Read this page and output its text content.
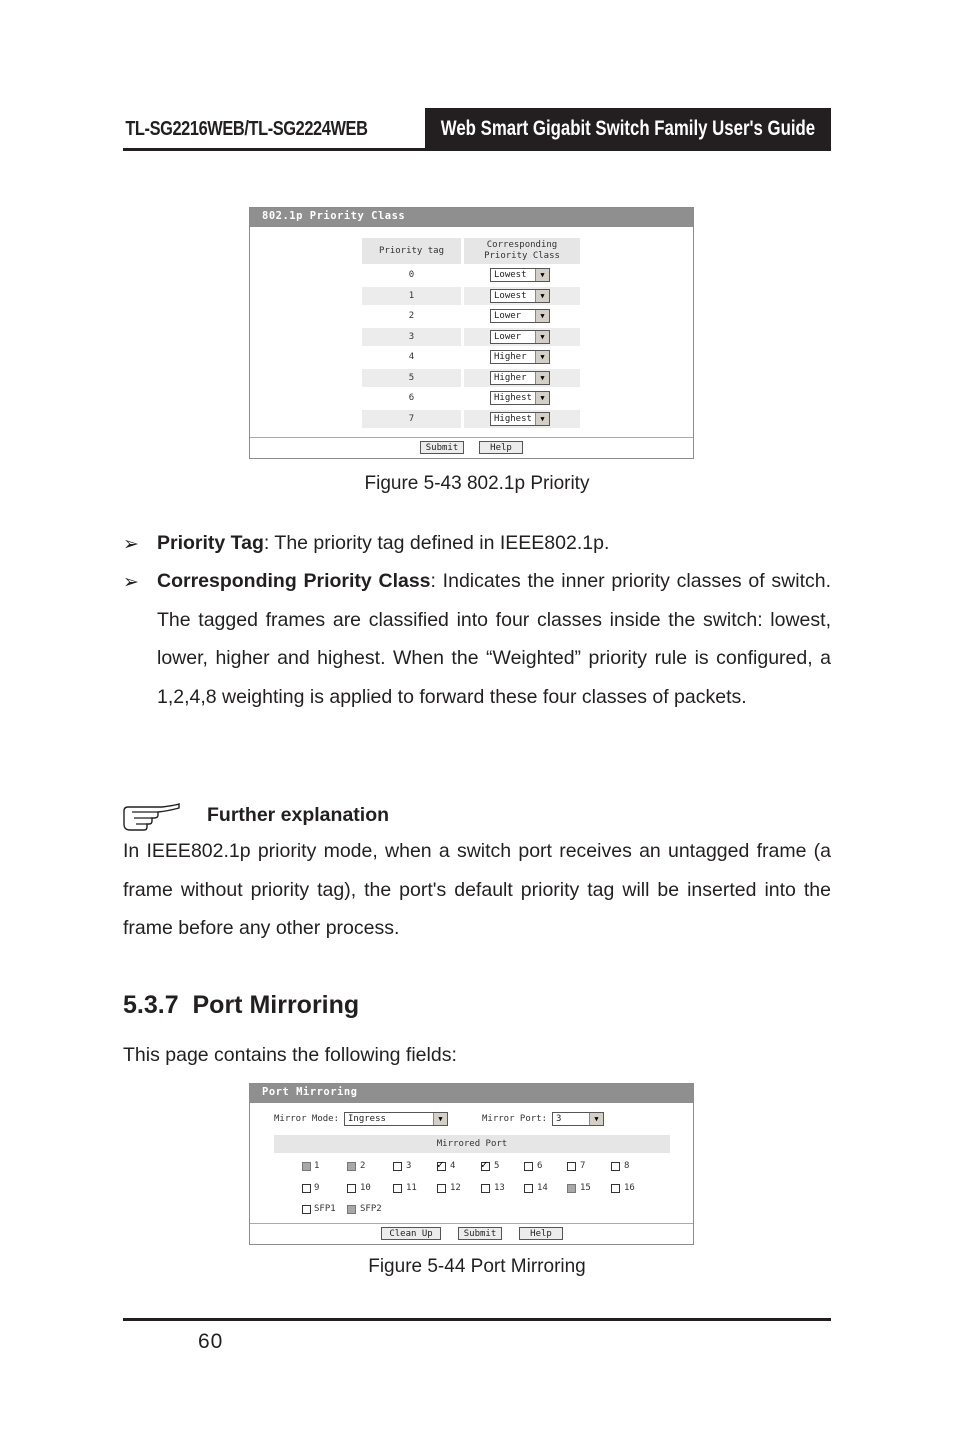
TL-SG2216WEB/TL-SG2224WEB	Web Smart Gigabit Switch Family User's Guide
802.1p Priority Class
Priority tag
Corresponding Priority Class
0	Lowest	▼
1	Lowest	▼
2	Lower	▼
3	Lower	▼
4	Higher	▼
5	Higher	▼
6	Highest	▼
7	Highest	▼
Submit	Help
Figure 5-43 802.1p Priority
➢ Priority Tag: The priority tag defined in IEEE802.1p.
➢ Corresponding Priority Class: Indicates the inner priority classes of switch. The tagged frames are classified into four classes inside the switch: lowest, lower, higher and highest. When the “Weighted” priority rule is configured, a 1,2,4,8 weighting is applied to forward these four classes of packets.
Further explanation
In IEEE802.1p priority mode, when a switch port receives an untagged frame (a frame without priority tag), the port's default priority tag will be inserted into the frame before any other process.
5.3.7  Port Mirroring
This page contains the following fields:
Port Mirroring
Mirror Mode: Ingress	▼	Mirror Port: 3	▼
Mirrored Port
1	2	3 ✓	4 ✓	5	6	7	8
9	10	11	12	13	14	15	16
SFP1	SFP2
Clean Up	Submit	Help
Figure 5-44 Port Mirroring
60
